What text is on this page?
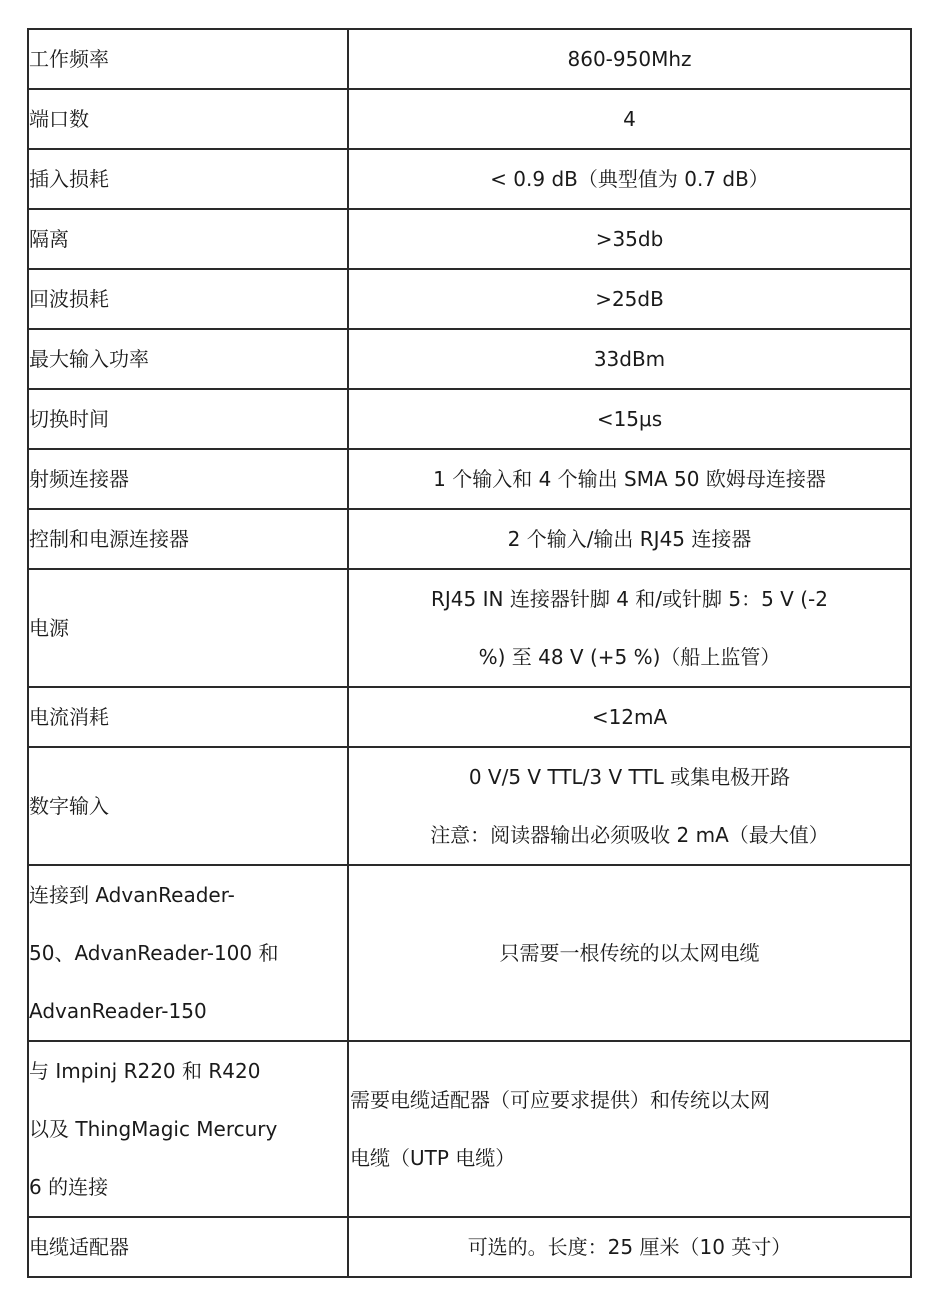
工作频率	860-950Mhz

端口数	4

插入损耗	< 0.9 dB（典型值为 0.7 dB）

隔离	>35db

回波损耗	>25dB

最大输入功率	33dBm

切换时间	<15μs

射频连接器	1 个输入和 4 个输出 SMA 50 欧姆母连接器

控制和电源连接器	2 个输入/输出 RJ45 连接器

电源	RJ45 IN 连接器针脚 4 和/或针脚 5：5 V (-2
%) 至 48 V (+5 %)（船上监管）

电流消耗	<12mA

数字输入	0 V/5 V TTL/3 V TTL 或集电极开路
注意：阅读器输出必须吸收 2 mA（最大值）

连接到 AdvanReader-
50、AdvanReader-100 和
AdvanReader-150	只需要一根传统的以太网电缆

与 Impinj R220 和 R420
以及 ThingMagic Mercury
6 的连接	需要电缆适配器（可应要求提供）和传统以太网
电缆（UTP 电缆）

电缆适配器	可选的。长度：25 厘米（10 英寸）
